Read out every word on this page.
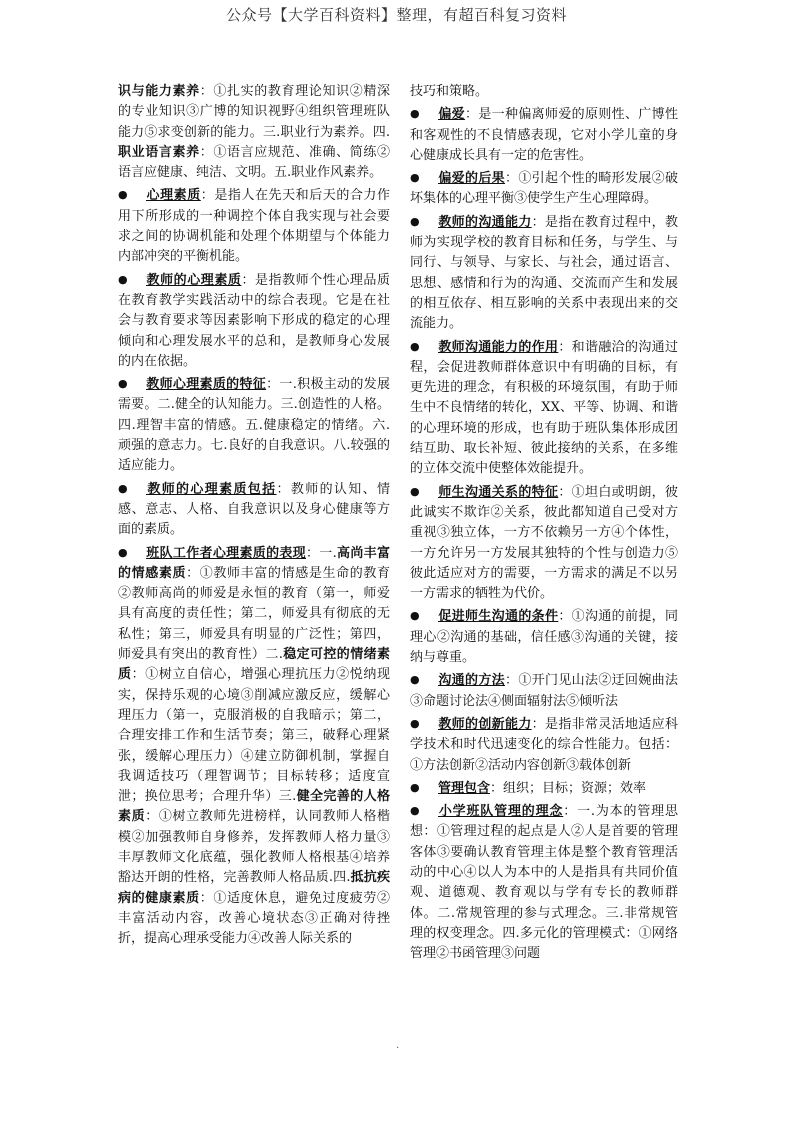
公众号【大学百科资料】整理，有超百科复习资料

识与能力素养：①扎实的教育理论知识②精深的专业知识③广博的知识视野④组织管理班队能力⑤求变创新的能力。三.职业行为素养。四.职业语言素养：①语言应规范、准确、简练②语言应健康、纯洁、文明。五.职业作风素养。

● 心理素质：是指人在先天和后天的合力作用下所形成的一种调控个体自我实现与社会要求之间的协调机能和处理个体期望与个体能力内部冲突的平衡机能。

● 教师的心理素质：是指教师个性心理品质在教育教学实践活动中的综合表现。它是在社会与教育要求等因素影响下形成的稳定的心理倾向和心理发展水平的总和，是教师身心发展的内在依据。

● 教师心理素质的特征：一.积极主动的发展需要。二.健全的认知能力。三.创造性的人格。四.理智丰富的情感。五.健康稳定的情绪。六.顽强的意志力。七.良好的自我意识。八.较强的适应能力。

● 教师的心理素质包括：教师的认知、情感、意志、人格、自我意识以及身心健康等方面的素质。

● 班队工作者心理素质的表现：一.高尚丰富的情感素质：①教师丰富的情感是生命的教育②教师高尚的师爱是永恒的教育（第一，师爱具有高度的责任性；第二，师爱具有彻底的无私性；第三，师爱具有明显的广泛性；第四，师爱具有突出的教育性）二.稳定可控的情绪素质：①树立自信心，增强心理抗压力②悦纳现实，保持乐观的心境③削减应激反应，缓解心理压力（第一，克服消极的自我暗示；第二，合理安排工作和生活节奏；第三，破释心理紧张，缓解心理压力）④建立防御机制，掌握自我调适技巧（理智调节；目标转移；适度宣泄；换位思考；合理升华）三.健全完善的人格素质：①树立教师先进榜样，认同教师人格楷模②加强教师自身修养，发挥教师人格力量③丰厚教师文化底蕴，强化教师人格根基④培养豁达开朗的性格，完善教师人格品质.四.抵抗疾病的健康素质：①适度休息，避免过度疲劳②丰富活动内容，改善心境状态③正确对待挫折，提高心理承受能力④改善人际关系的

技巧和策略。

● 偏爱：是一种偏离师爱的原则性、广博性和客观性的不良情感表现，它对小学儿童的身心健康成长具有一定的危害性。

● 偏爱的后果：①引起个性的畸形发展②破坏集体的心理平衡③使学生产生心理障碍。

● 教师的沟通能力：是指在教育过程中，教师为实现学校的教育目标和任务，与学生、与同行、与领导、与家长、与社会，通过语言、思想、感情和行为的沟通、交流而产生和发展的相互依存、相互影响的关系中表现出来的交流能力。

● 教师沟通能力的作用：和谐融洽的沟通过程，会促进教师群体意识中有明确的目标，有更先进的理念，有积极的环境氛围，有助于师生中不良情绪的转化，XX、平等、协调、和谐的心理环境的形成，也有助于班队集体形成团结互助、取长补短、彼此接纳的关系，在多维的立体交流中使整体效能提升。

● 师生沟通关系的特征：①坦白或明朗，彼此诚实不欺诈②关系，彼此都知道自己受对方重视③独立体，一方不依赖另一方④个体性，一方允许另一方发展其独特的个性与创造力⑤彼此适应对方的需要，一方需求的满足不以另一方需求的牺牲为代价。

● 促进师生沟通的条件：①沟通的前提，同理心②沟通的基础，信任感③沟通的关键，接纳与尊重。

● 沟通的方法：①开门见山法②迂回婉曲法③命题讨论法④侧面辐射法⑤倾听法

● 教师的创新能力：是指非常灵活地适应科学技术和时代迅速变化的综合性能力。包括：①方法创新②活动内容创新③载体创新

● 管理包含：组织；目标；资源；效率

● 小学班队管理的理念：一.为本的管理思想：①管理过程的起点是人②人是首要的管理客体③要确认教育管理主体是整个教育管理活动的中心④以人为本中的人是指具有共同价值观、道德观、教育观以与学有专长的教师群体。二.常规管理的参与式理念。三.非常规管理的权变理念。四.多元化的管理模式：①网络管理②书函管理③问题

.
